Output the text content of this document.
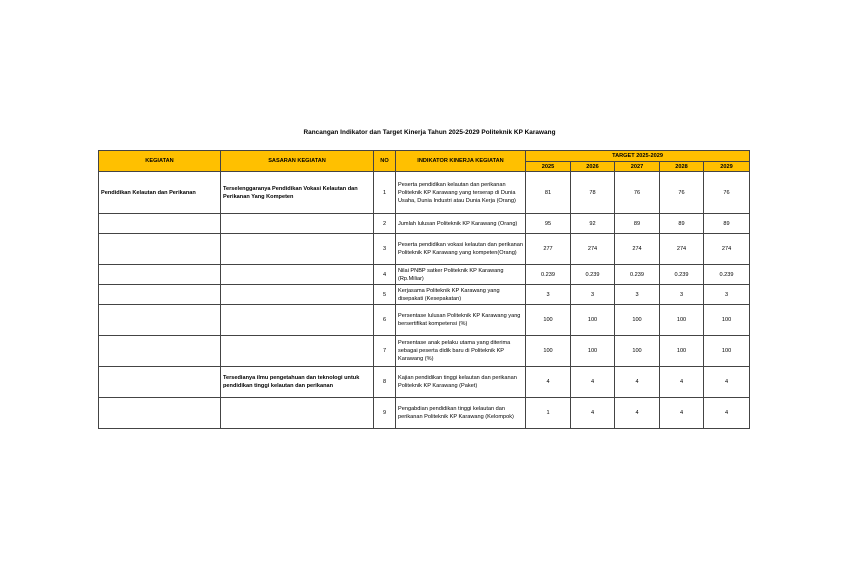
Rancangan Indikator dan Target Kinerja Tahun 2025-2029 Politeknik KP Karawang
KEGIATAN	SASARAN KEGIATAN	NO	INDIKATOR KINERJA KEGIATAN	TARGET 2025-2029				
				2025	2026	2027	2028	2029
Pendidikan Kelautan dan Perikanan	Terselenggaranya Pendidikan Vokasi Kelautan dan Perikanan Yang Kompeten	1	Peserta pendidikan kelautan dan perikanan Politeknik KP Karawang yang terserap di Dunia Usaha, Dunia Industri atau Dunia Kerja (Orang)	81	78	76	76	76
		2	Jumlah lulusan Politeknik KP Karawang (Orang)	95	92	89	89	89
		3	Peserta pendidikan vokasi kelautan dan perikanan Politeknik KP Karawang yang kompeten(Orang)	277	274	274	274	274
		4	Nilai PNBP satker Politeknik KP Karawang (Rp.Miliar)	0.239	0.239	0.239	0.239	0.239
		5	Kerjasama Politeknik KP Karawang yang disepakati (Kesepakatan)	3	3	3	3	3
		6	Persentase lulusan Politeknik KP Karawang yang bersertifikat kompetensi (%)	100	100	100	100	100
		7	Persentase anak pelaku utama yang diterima sebagai peserta didik baru di Politeknik KP Karawang (%)	100	100	100	100	100
	Tersedianya ilmu pengetahuan dan teknologi untuk pendidikan tinggi kelautan dan perikanan	8	Kajian pendidikan tinggi kelautan dan perikanan Politeknik KP Karawang (Paket)	4	4	4	4	4
		9	Pengabdian pendidikan tinggi kelautan dan perikanan Politeknik KP Karawang (Kelompok)	1	4	4	4	4
